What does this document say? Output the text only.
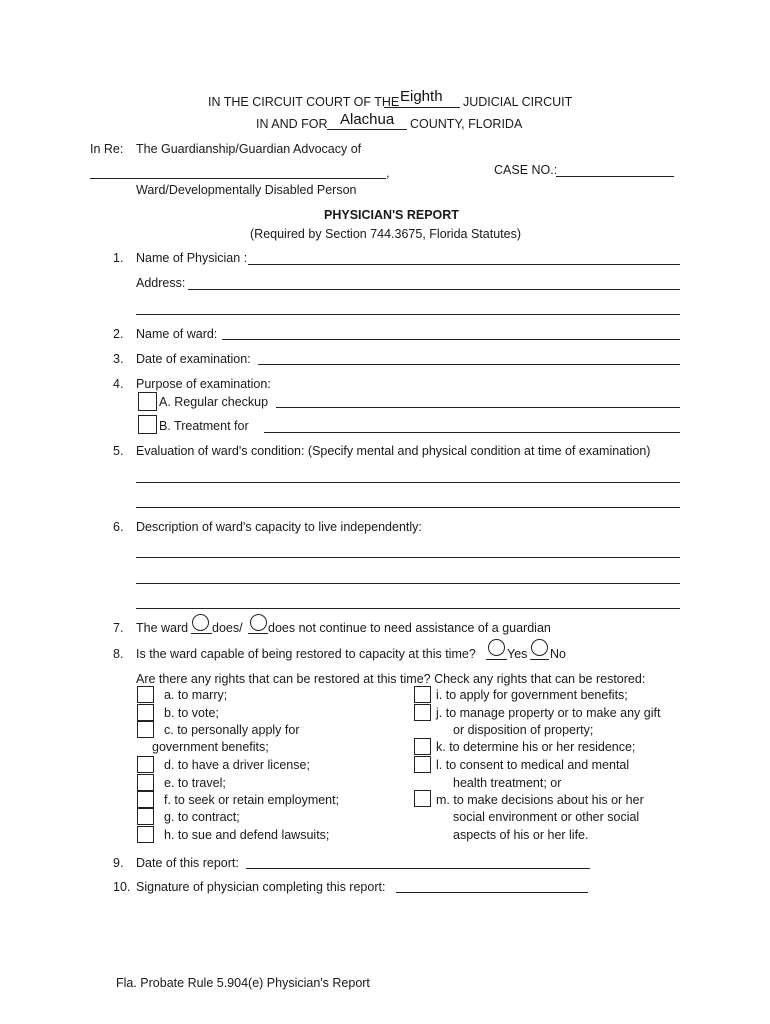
IN THE CIRCUIT COURT OF THE Eighth JUDICIAL CIRCUIT
IN AND FOR Alachua COUNTY, FLORIDA
In Re: The Guardianship/Guardian Advocacy of
,
Ward/Developmentally Disabled Person
CASE NO.:
PHYSICIAN'S REPORT
(Required by Section 744.3675, Florida Statutes)
1. Name of Physician :
Address:
2. Name of ward:
3. Date of examination:
4. Purpose of examination:
A. Regular checkup
B. Treatment for
5. Evaluation of ward's condition: (Specify mental and physical condition at time of examination)
6. Description of ward's capacity to live independently:
7. The ward does/ does not continue to need assistance of a guardian
8. Is the ward capable of being restored to capacity at this time? Yes No
Are there any rights that can be restored at this time? Check any rights that can be restored:
a. to marry;
b. to vote;
c. to personally apply for
government benefits;
d. to have a driver license;
e. to travel;
f. to seek or retain employment;
g. to contract;
h. to sue and defend lawsuits;
i. to apply for government benefits;
j. to manage property or to make any gift
or disposition of property;
k. to determine his or her residence;
l. to consent to medical and mental
health treatment; or
m. to make decisions about his or her
social environment or other social
aspects of his or her life.
9. Date of this report:
10. Signature of physician completing this report:
Fla. Probate Rule 5.904(e) Physician's Report
